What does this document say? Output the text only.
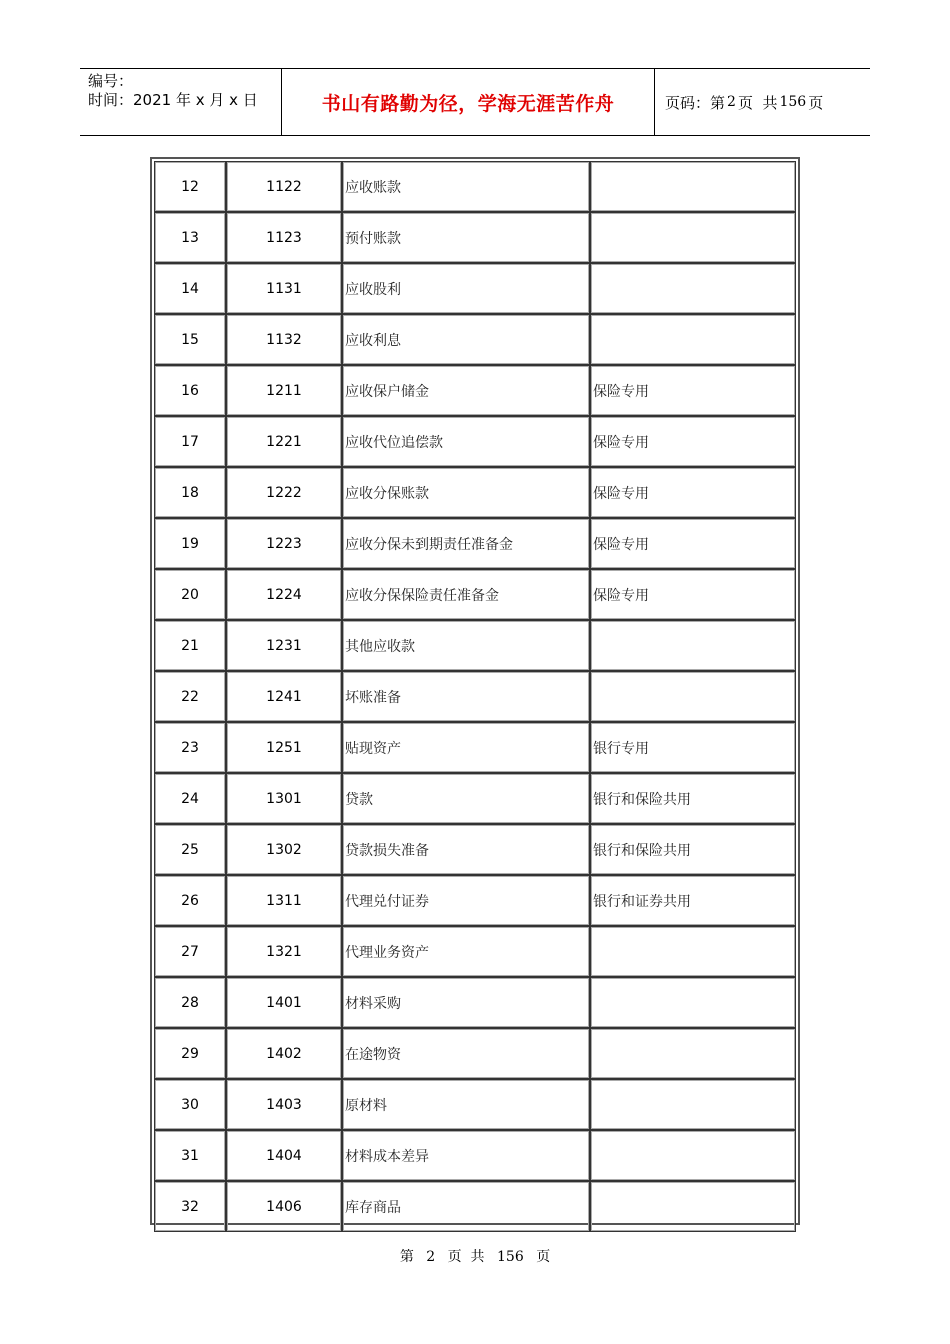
编号：
时间：2021 年 x 月 x 日	书山有路勤为径，学海无涯苦作舟	页码：第 2 页  共 156 页
12	1122	应收账款	
13	1123	预付账款	
14	1131	应收股利	
15	1132	应收利息	
16	1211	应收保户储金	保险专用
17	1221	应收代位追偿款	保险专用
18	1222	应收分保账款	保险专用
19	1223	应收分保未到期责任准备金	保险专用
20	1224	应收分保保险责任准备金	保险专用
21	1231	其他应收款	
22	1241	坏账准备	
23	1251	贴现资产	银行专用
24	1301	贷款	银行和保险共用
25	1302	贷款损失准备	银行和保险共用
26	1311	代理兑付证券	银行和证券共用
27	1321	代理业务资产	
28	1401	材料采购	
29	1402	在途物资	
30	1403	原材料	
31	1404	材料成本差异	
32	1406	库存商品	
第 2 页  共 156 页
